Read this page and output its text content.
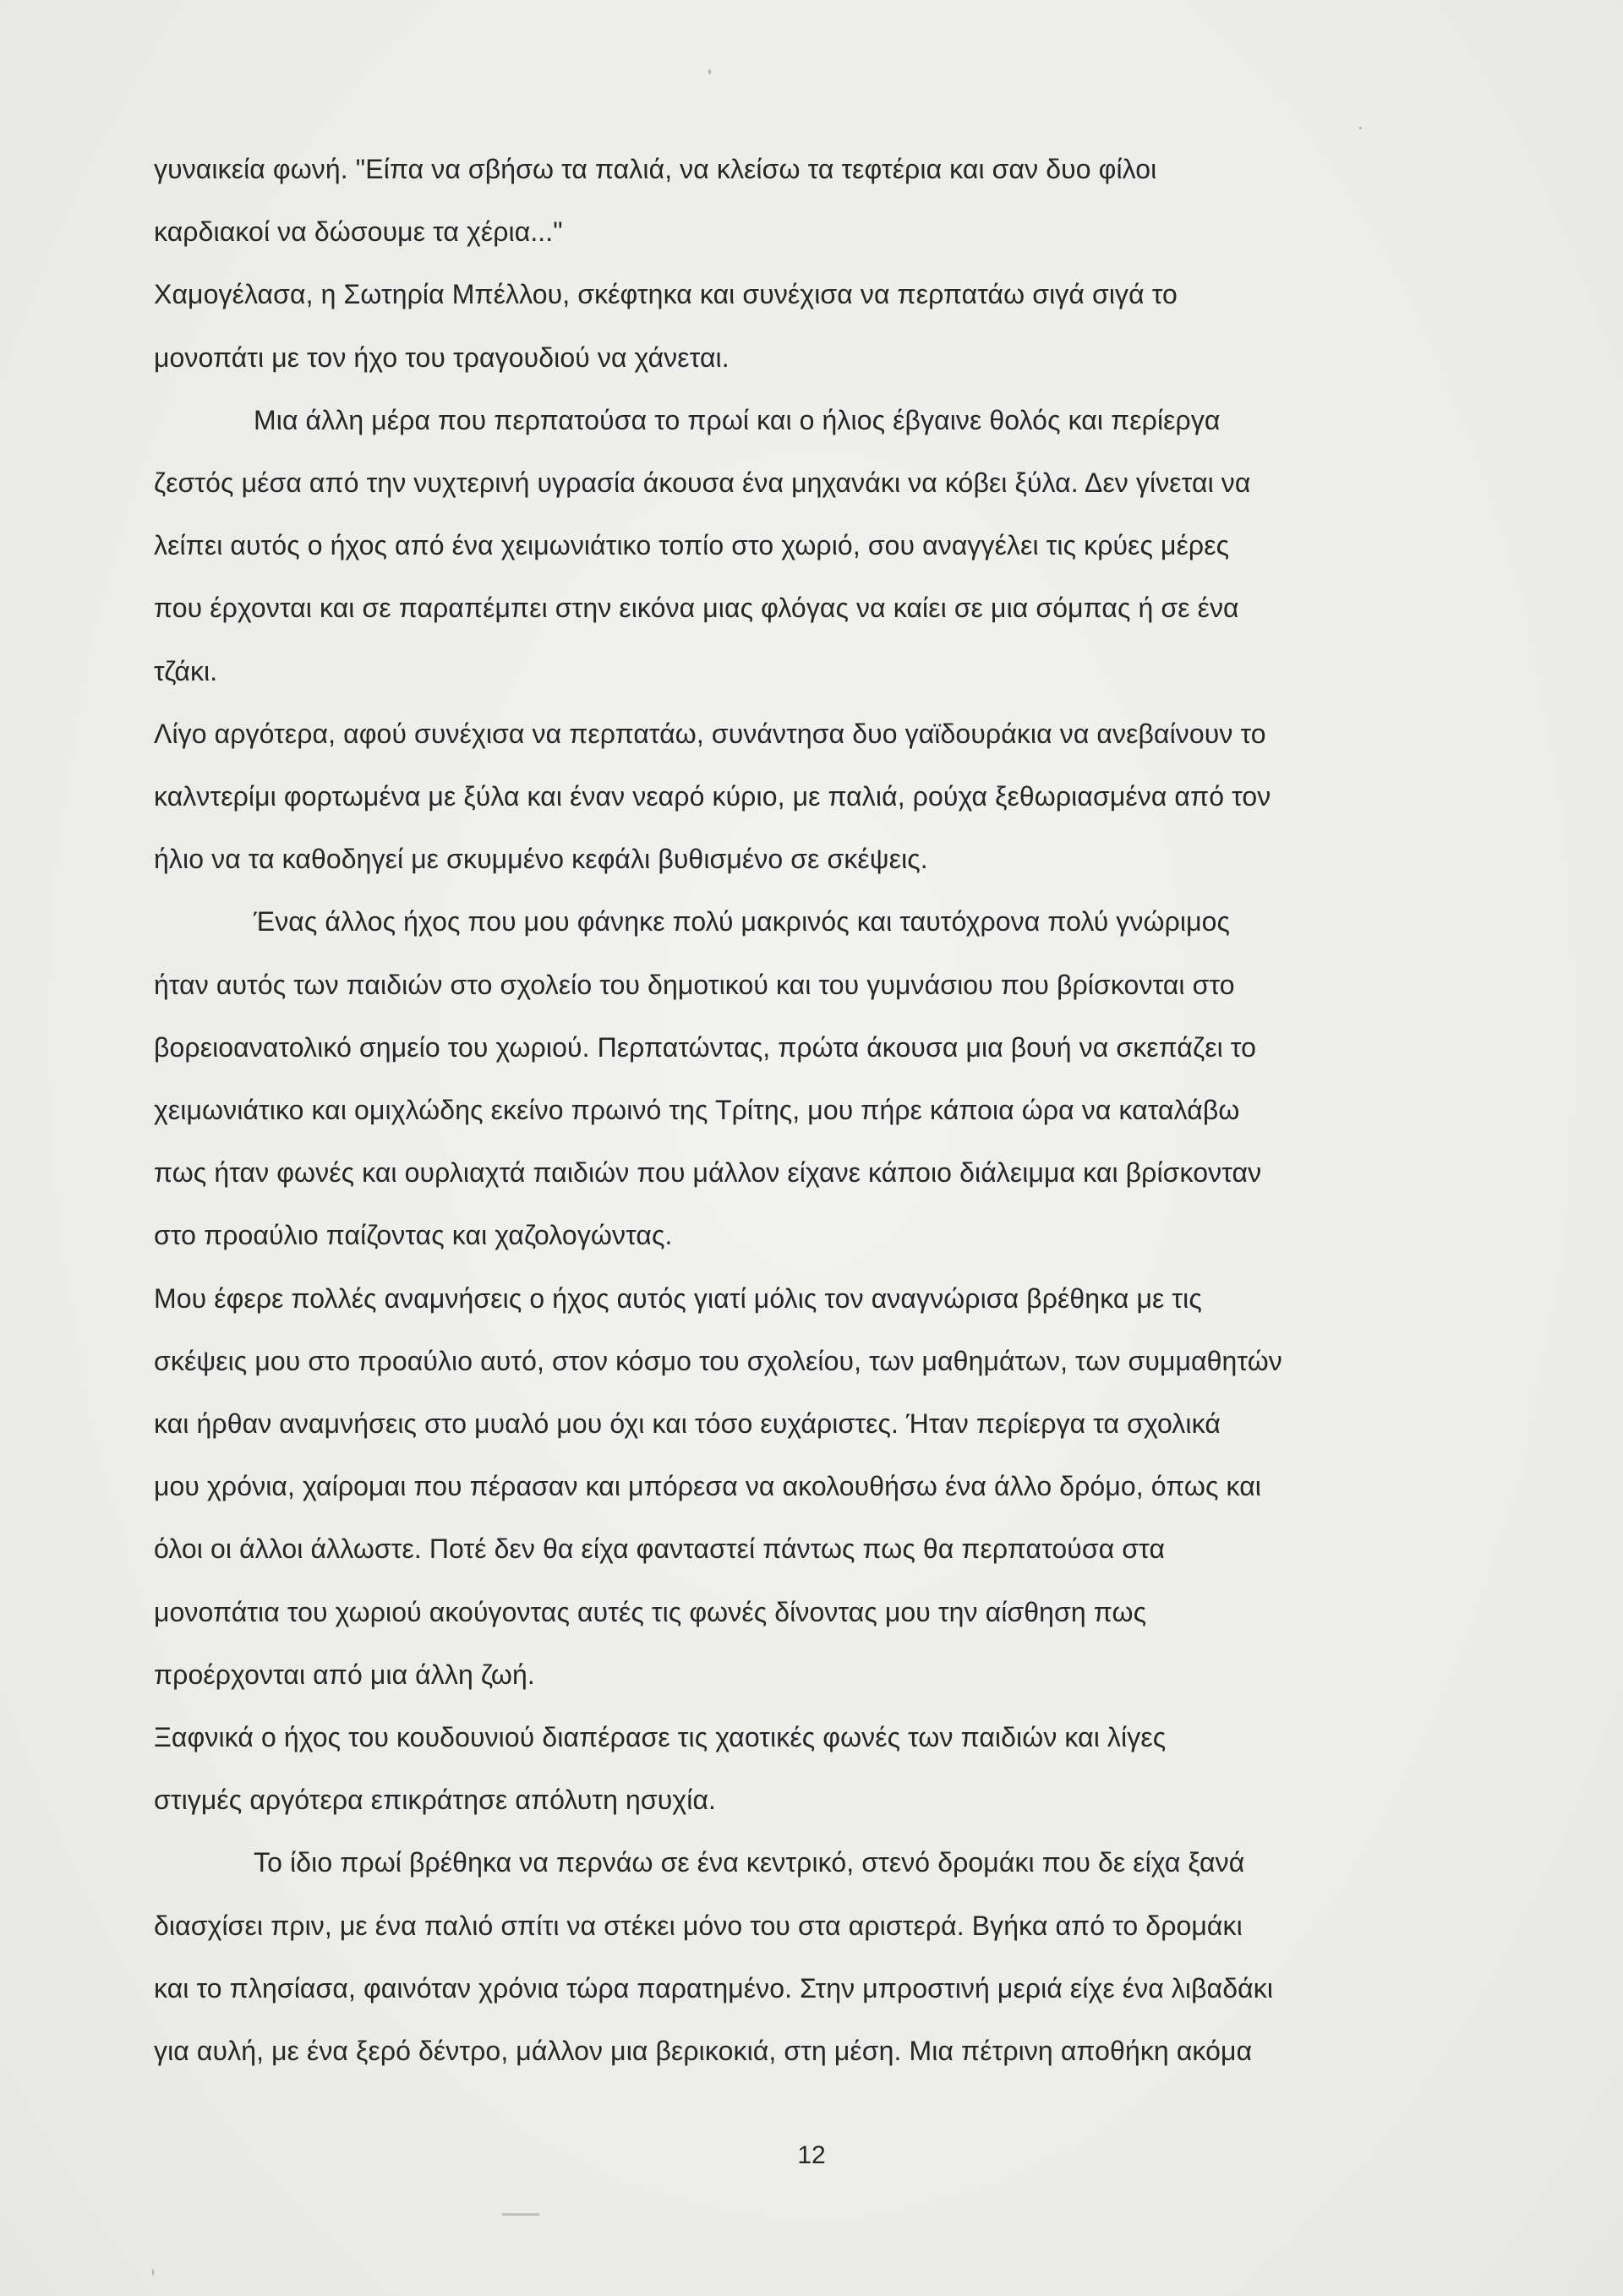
γυναικεία φωνή. "Είπα να σβήσω τα παλιά, να κλείσω τα τεφτέρια και σαν δυο φίλοι
καρδιακοί να δώσουμε τα χέρια..."
Χαμογέλασα, η Σωτηρία Μπέλλου, σκέφτηκα και συνέχισα να περπατάω σιγά σιγά το
μονοπάτι με τον ήχο του τραγουδιού να χάνεται.
Μια άλλη μέρα που περπατούσα το πρωί και ο ήλιος έβγαινε θολός και περίεργα
ζεστός μέσα από την νυχτερινή υγρασία άκουσα ένα μηχανάκι να κόβει ξύλα. Δεν γίνεται να
λείπει αυτός ο ήχος από ένα χειμωνιάτικο τοπίο στο χωριό, σου αναγγέλει τις κρύες μέρες
που έρχονται και σε παραπέμπει στην εικόνα μιας φλόγας να καίει σε μια σόμπας ή σε ένα
τζάκι.
Λίγο αργότερα, αφού συνέχισα να περπατάω, συνάντησα δυο γαϊδουράκια να ανεβαίνουν το
καλντερίμι φορτωμένα με ξύλα και έναν νεαρό κύριο, με παλιά, ρούχα ξεθωριασμένα από τον
ήλιο να τα καθοδηγεί με σκυμμένο κεφάλι βυθισμένο σε σκέψεις.
Ένας άλλος ήχος που μου φάνηκε πολύ μακρινός και ταυτόχρονα πολύ γνώριμος
ήταν αυτός των παιδιών στο σχολείο του δημοτικού και του γυμνάσιου που βρίσκονται στο
βορειοανατολικό σημείο του χωριού. Περπατώντας, πρώτα άκουσα μια βουή να σκεπάζει το
χειμωνιάτικο και ομιχλώδης εκείνο πρωινό της Τρίτης, μου πήρε κάποια ώρα να καταλάβω
πως ήταν φωνές και ουρλιαχτά παιδιών που μάλλον είχανε κάποιο διάλειμμα και βρίσκονταν
στο προαύλιο παίζοντας και χαζολογώντας.
Μου έφερε πολλές αναμνήσεις ο ήχος αυτός γιατί μόλις τον αναγνώρισα βρέθηκα με τις
σκέψεις μου στο προαύλιο αυτό, στον κόσμο του σχολείου, των μαθημάτων, των συμμαθητών
και ήρθαν αναμνήσεις στο μυαλό μου όχι και τόσο ευχάριστες. Ήταν περίεργα τα σχολικά
μου χρόνια, χαίρομαι που πέρασαν και μπόρεσα να ακολουθήσω ένα άλλο δρόμο, όπως και
όλοι οι άλλοι άλλωστε. Ποτέ δεν θα είχα φανταστεί πάντως πως θα περπατούσα στα
μονοπάτια του χωριού ακούγοντας αυτές τις φωνές δίνοντας μου την αίσθηση πως
προέρχονται από μια άλλη ζωή.
Ξαφνικά ο ήχος του κουδουνιού διαπέρασε τις χαοτικές φωνές των παιδιών και λίγες
στιγμές αργότερα επικράτησε απόλυτη ησυχία.
Το ίδιο πρωί βρέθηκα να περνάω σε ένα κεντρικό, στενό δρομάκι που δε είχα ξανά
διασχίσει πριν, με ένα παλιό σπίτι να στέκει μόνο του στα αριστερά. Βγήκα από το δρομάκι
και το πλησίασα, φαινόταν χρόνια τώρα παρατημένο. Στην μπροστινή μεριά είχε ένα λιβαδάκι
για αυλή, με ένα ξερό δέντρο, μάλλον μια βερικοκιά, στη μέση. Μια πέτρινη αποθήκη ακόμα
12
